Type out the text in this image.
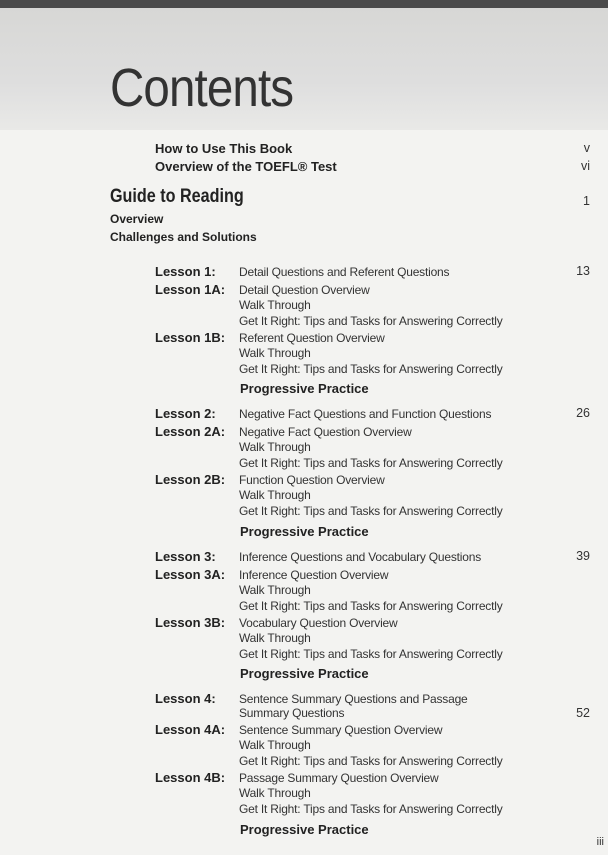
Contents
How to Use This Book	v
Overview of the TOEFL® Test	vi
Guide to Reading	1
Overview
Challenges and Solutions
Lesson 1: Detail Questions and Referent Questions	13
Lesson 1A: Detail Question Overview
Walk Through
Get It Right: Tips and Tasks for Answering Correctly
Lesson 1B: Referent Question Overview
Walk Through
Get It Right: Tips and Tasks for Answering Correctly
Progressive Practice
Lesson 2: Negative Fact Questions and Function Questions	26
Lesson 2A: Negative Fact Question Overview
Walk Through
Get It Right: Tips and Tasks for Answering Correctly
Lesson 2B: Function Question Overview
Walk Through
Get It Right: Tips and Tasks for Answering Correctly
Progressive Practice
Lesson 3: Inference Questions and Vocabulary Questions	39
Lesson 3A: Inference Question Overview
Walk Through
Get It Right: Tips and Tasks for Answering Correctly
Lesson 3B: Vocabulary Question Overview
Walk Through
Get It Right: Tips and Tasks for Answering Correctly
Progressive Practice
Lesson 4: Sentence Summary Questions and Passage
Summary Questions	52
Lesson 4A: Sentence Summary Question Overview
Walk Through
Get It Right: Tips and Tasks for Answering Correctly
Lesson 4B: Passage Summary Question Overview
Walk Through
Get It Right: Tips and Tasks for Answering Correctly
Progressive Practice
iii
